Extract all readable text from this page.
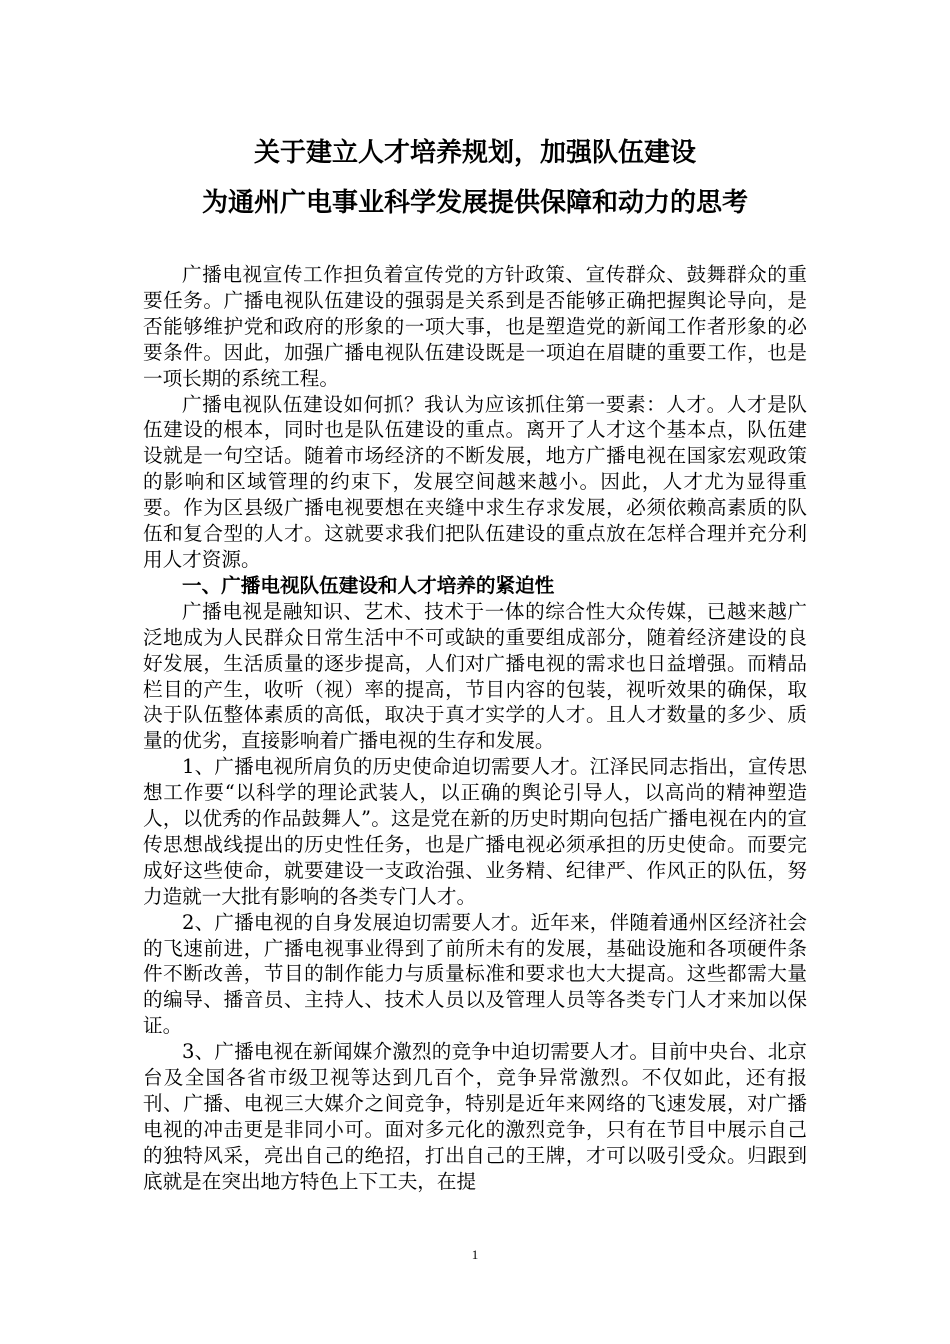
关于建立人才培养规划，加强队伍建设
为通州广电事业科学发展提供保障和动力的思考

广播电视宣传工作担负着宣传党的方针政策、宣传群众、鼓舞群众的重要任务。广播电视队伍建设的强弱是关系到是否能够正确把握舆论导向，是否能够维护党和政府的形象的一项大事，也是塑造党的新闻工作者形象的必要条件。因此，加强广播电视队伍建设既是一项迫在眉睫的重要工作，也是一项长期的系统工程。

广播电视队伍建设如何抓？我认为应该抓住第一要素：人才。人才是队伍建设的根本，同时也是队伍建设的重点。离开了人才这个基本点，队伍建设就是一句空话。随着市场经济的不断发展，地方广播电视在国家宏观政策的影响和区域管理的约束下，发展空间越来越小。因此，人才尤为显得重要。作为区县级广播电视要想在夹缝中求生存求发展，必须依赖高素质的队伍和复合型的人才。这就要求我们把队伍建设的重点放在怎样合理并充分利用人才资源。

一、广播电视队伍建设和人才培养的紧迫性

广播电视是融知识、艺术、技术于一体的综合性大众传媒，已越来越广泛地成为人民群众日常生活中不可或缺的重要组成部分，随着经济建设的良好发展，生活质量的逐步提高，人们对广播电视的需求也日益增强。而精品栏目的产生，收听（视）率的提高，节目内容的包装，视听效果的确保，取决于队伍整体素质的高低，取决于真才实学的人才。且人才数量的多少、质量的优劣，直接影响着广播电视的生存和发展。

1、广播电视所肩负的历史使命迫切需要人才。江泽民同志指出，宣传思想工作要“以科学的理论武装人，以正确的舆论引导人，以高尚的精神塑造人，以优秀的作品鼓舞人”。这是党在新的历史时期向包括广播电视在内的宣传思想战线提出的历史性任务，也是广播电视必须承担的历史使命。而要完成好这些使命，就要建设一支政治强、业务精、纪律严、作风正的队伍，努力造就一大批有影响的各类专门人才。

2、广播电视的自身发展迫切需要人才。近年来，伴随着通州区经济社会的飞速前进，广播电视事业得到了前所未有的发展，基础设施和各项硬件条件不断改善，节目的制作能力与质量标准和要求也大大提高。这些都需大量的编导、播音员、主持人、技术人员以及管理人员等各类专门人才来加以保证。

3、广播电视在新闻媒介激烈的竞争中迫切需要人才。目前中央台、北京台及全国各省市级卫视等达到几百个，竞争异常激烈。不仅如此，还有报刊、广播、电视三大媒介之间竞争，特别是近年来网络的飞速发展，对广播电视的冲击更是非同小可。面对多元化的激烈竞争，只有在节目中展示自己的独特风采，亮出自己的绝招，打出自己的王牌，才可以吸引受众。归跟到底就是在突出地方特色上下工夫，在提

1
